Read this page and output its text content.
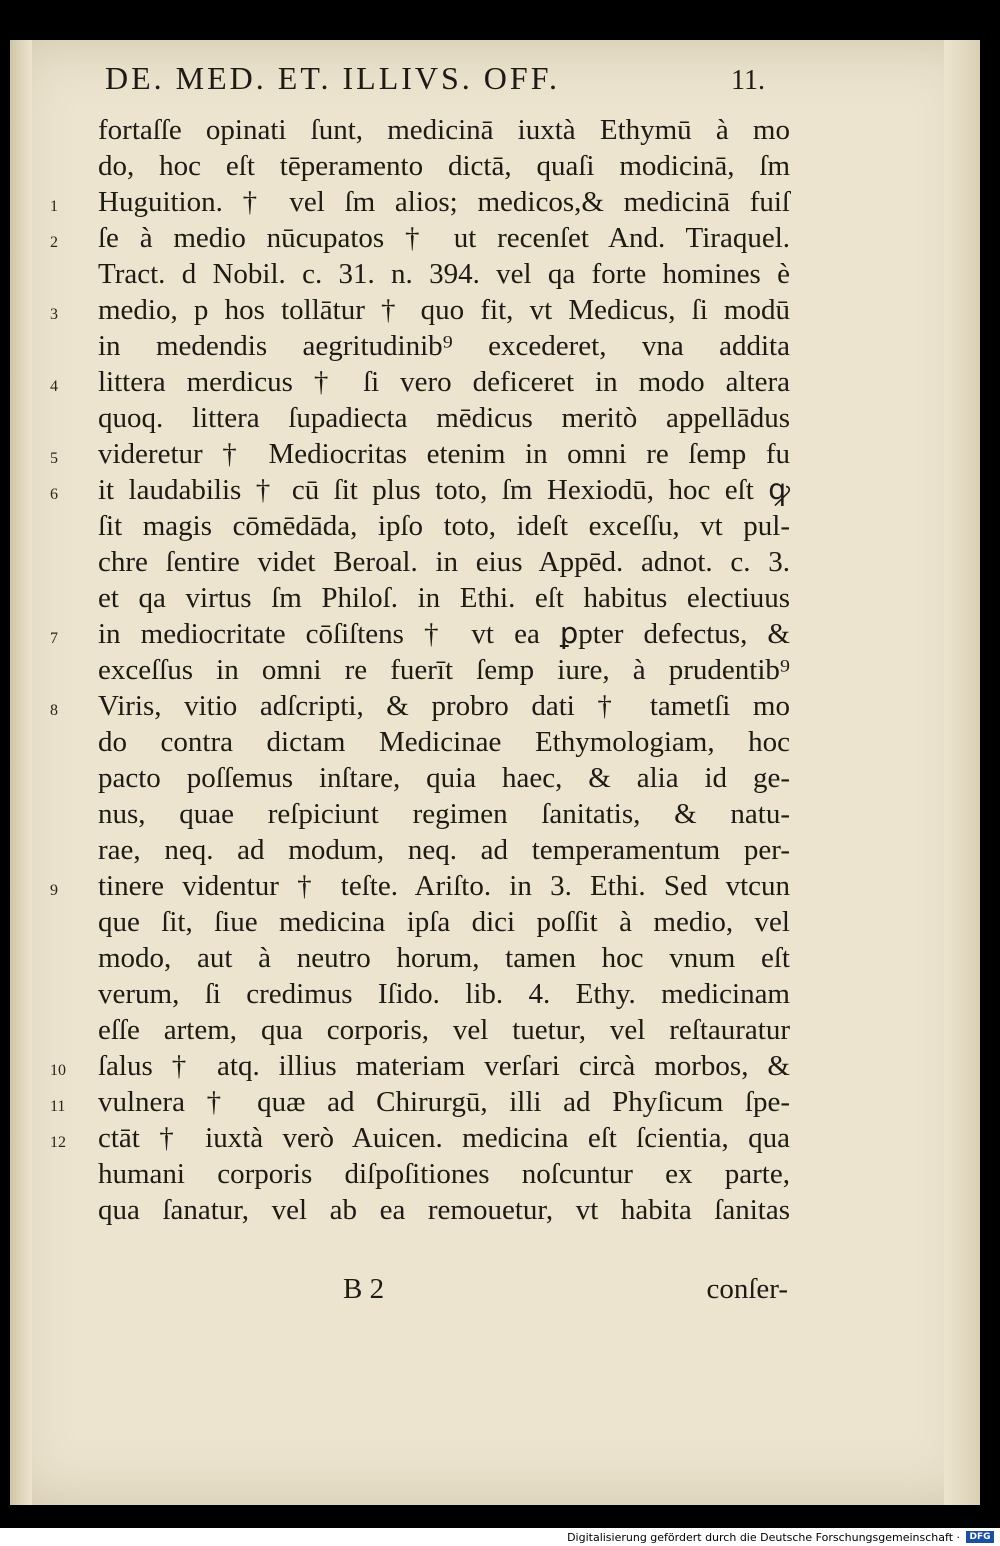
DE. MED. ET. ILLIVS. OFF.	11.
fortaſſe opinati ſunt, medicinā iuxtà Ethymū à mo
do, hoc eſt tēperamento dictā, quaſi modicinā, ſm
1	Huguition. † vel ſm alios; medicos,& medicinā fuiſ
2	ſe à medio nūcupatos † ut recenſet And. Tiraquel.
Tract. d Nobil. c. 31. n. 394. vel qa forte homines è
3	medio, p hos tollātur † quo fit, vt Medicus, ſi modū
in medendis aegritudinib⁹ excederet, vna addita
4	littera merdicus † ſi vero deficeret in modo altera
quoq. littera ſupadiecta mēdicus meritò appellādus
5	videretur † Mediocritas etenim in omni re ſemp fu
6	it laudabilis † cū ſit plus toto, ſm Hexiodū, hoc eſt ꝙ
ſit magis cōmēdāda, ipſo toto, ideſt exceſſu, vt pul-
chre ſentire videt Beroal. in eius Appēd. adnot. c. 3.
et qa virtus ſm Philoſ. in Ethi. eſt habitus electiuus
7	in mediocritate cōſiſtens † vt ea ꝑpter defectus, &
exceſſus in omni re fuerīt ſemp iure, à prudentib⁹
8	Viris, vitio adſcripti, & probro dati † tametſi mo
do contra dictam Medicinae Ethymologiam, hoc
pacto poſſemus inſtare, quia haec, & alia id ge-
nus, quae reſpiciunt regimen ſanitatis, & natu-
rae, neq. ad modum, neq. ad temperamentum per-
9	tinere videntur † teſte. Ariſto. in 3. Ethi. Sed vtcun
que ſit, ſiue medicina ipſa dici poſſit à medio, vel
modo, aut à neutro horum, tamen hoc vnum eſt
verum, ſi credimus Iſido. lib. 4. Ethy. medicinam
eſſe artem, qua corporis, vel tuetur, vel reſtauratur
10	ſalus † atq. illius materiam verſari circà morbos, &
11	vulnera † quæ ad Chirurgū, illi ad Phyſicum ſpe-
12	ctāt † iuxtà verò Auicen. medicina eſt ſcientia, qua
humani corporis diſpoſitiones noſcuntur ex parte,
qua ſanatur, vel ab ea remouetur, vt habita ſanitas
B 2	conſer-
Digitalisierung gefördert durch die Deutsche Forschungsgemeinschaft ·	DFG
